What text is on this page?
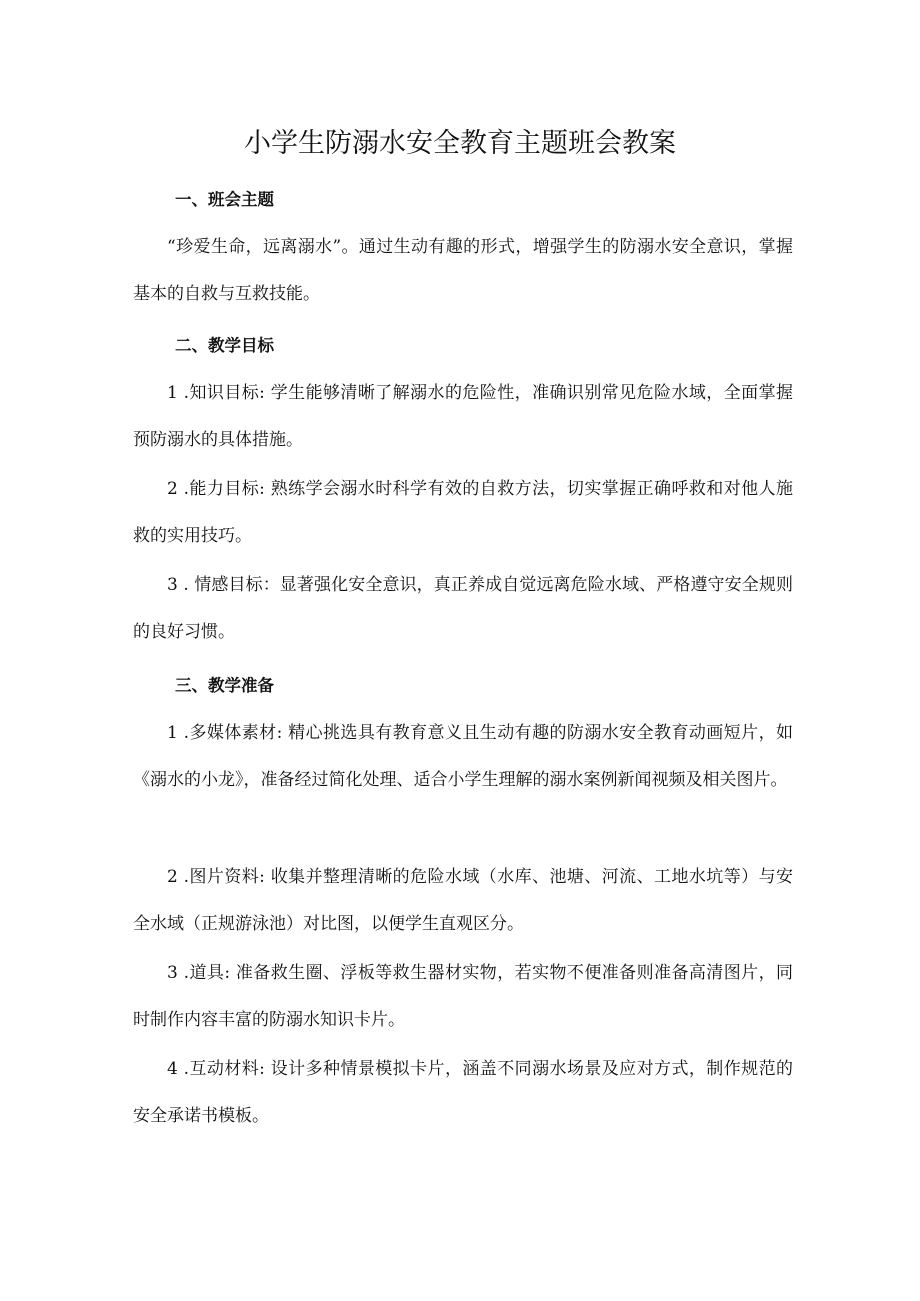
小学生防溺水安全教育主题班会教案
一、班会主题

“珍爱生命，远离溺水”。通过生动有趣的形式，增强学生的防溺水安全意识，掌握基本的自救与互救技能。

二、教学目标

1 .知识目标: 学生能够清晰了解溺水的危险性，准确识别常见危险水域，全面掌握预防溺水的具体措施。

2 .能力目标: 熟练学会溺水时科学有效的自救方法，切实掌握正确呼救和对他人施救的实用技巧。

3 . 情感目标：显著强化安全意识，真正养成自觉远离危险水域、严格遵守安全规则的良好习惯。

三、教学准备

1 .多媒体素材: 精心挑选具有教育意义且生动有趣的防溺水安全教育动画短片，如《溺水的小龙》，准备经过简化处理、适合小学生理解的溺水案例新闻视频及相关图片。

2 .图片资料: 收集并整理清晰的危险水域（水库、池塘、河流、工地水坑等）与安全水域（正规游泳池）对比图，以便学生直观区分。

3 .道具: 准备救生圈、浮板等救生器材实物，若实物不便准备则准备高清图片，同时制作内容丰富的防溺水知识卡片。

4 .互动材料: 设计多种情景模拟卡片，涵盖不同溺水场景及应对方式，制作规范的安全承诺书模板。
